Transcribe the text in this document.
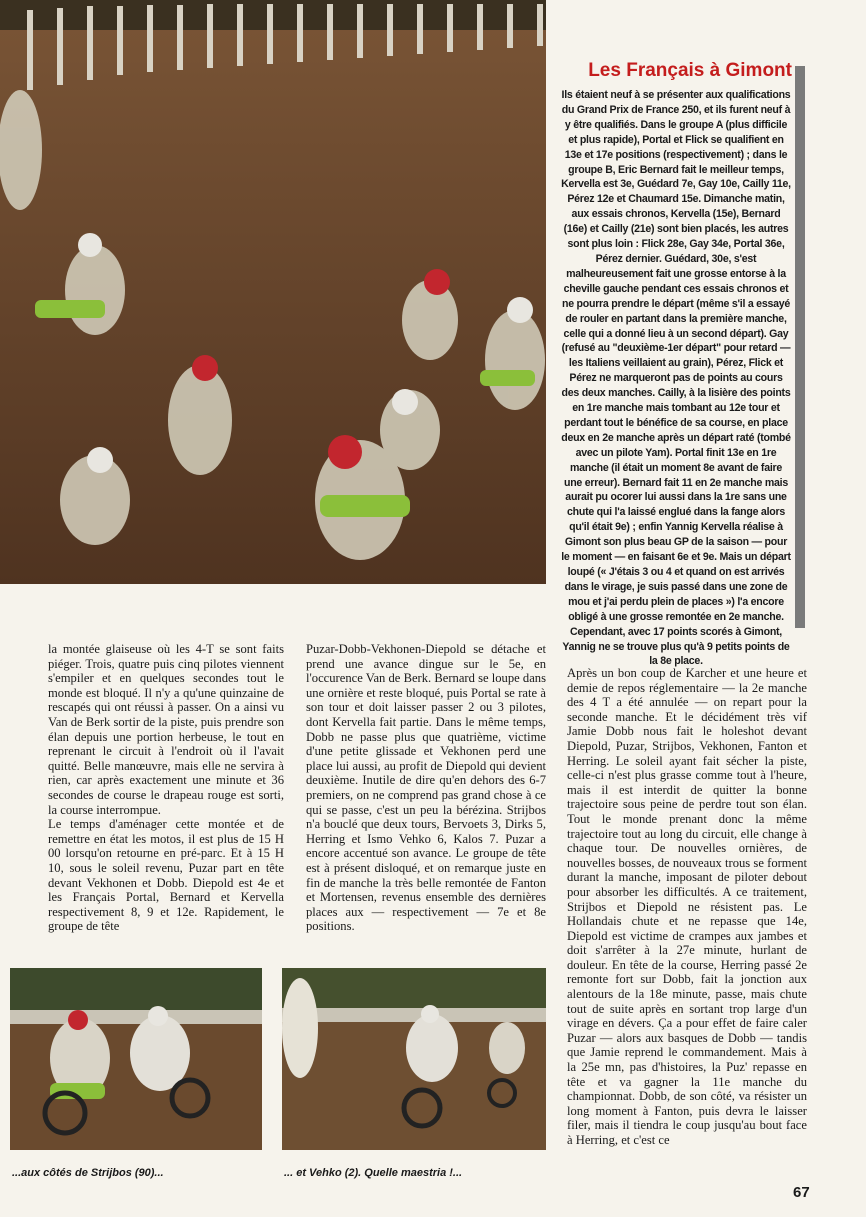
Les Français à Gimont

Ils étaient neuf à se présenter aux qualifications du Grand Prix de France 250, et ils furent neuf à y être qualifiés. Dans le groupe A (plus difficile et plus rapide), Portal et Flick se qualifient en 13e et 17e positions (respectivement) ; dans le groupe B, Eric Bernard fait le meilleur temps, Kervella est 3e, Guédard 7e, Gay 10e, Cailly 11e, Pérez 12e et Chaumard 15e. Dimanche matin, aux essais chronos, Kervella (15e), Bernard (16e) et Cailly (21e) sont bien placés, les autres sont plus loin : Flick 28e, Gay 34e, Portal 36e, Pérez dernier. Guédard, 30e, s'est malheureusement fait une grosse entorse à la cheville gauche pendant ces essais chronos et ne pourra prendre le départ (même s'il a essayé de rouler en partant dans la première manche, celle qui a donné lieu à un second départ). Gay (refusé au "deuxième-1er départ" pour retard — les Italiens veillaient au grain), Pérez, Flick et Pérez ne marqueront pas de points au cours des deux manches. Cailly, à la lisière des points en 1re manche mais tombant au 12e tour et perdant tout le bénéfice de sa course, en place deux en 2e manche après un départ raté (tombé avec un pilote Yam). Portal finit 13e en 1re manche (il était un moment 8e avant de faire une erreur). Bernard fait 11 en 2e manche mais aurait pu ocorer lui aussi dans la 1re sans une chute qui l'a laissé englué dans la fange alors qu'il était 9e) ; enfin Yannig Kervella réalise à Gimont son plus beau GP de la saison — pour le moment — en faisant 6e et 9e. Mais un départ loupé (« J'étais 3 ou 4 et quand on est arrivés dans le virage, je suis passé dans une zone de mou et j'ai perdu plein de places ») l'a encore obligé à une grosse remontée en 2e manche. Cependant, avec 17 points scorés à Gimont, Yannig ne se trouve plus qu'à 9 petits points de la 8e place.

la montée glaiseuse où les 4-T se sont faits piéger. Trois, quatre puis cinq pilotes viennent s'empiler et en quelques secondes tout le monde est bloqué. Il n'y a qu'une quinzaine de rescapés qui ont réussi à passer. On a ainsi vu Van de Berk sortir de la piste, puis prendre son élan depuis une portion herbeuse, le tout en reprenant le circuit à l'endroit où il l'avait quitté. Belle manœuvre, mais elle ne servira à rien, car après exactement une minute et 36 secondes de course le drapeau rouge est sorti, la course interrompue.

Le temps d'aménager cette montée et de remettre en état les motos, il est plus de 15 H 00 lorsqu'on retourne en pré-parc. Et à 15 H 10, sous le soleil revenu, Puzar part en tête devant Vekhonen et Dobb. Diepold est 4e et les Français Portal, Bernard et Kervella respectivement 8, 9 et 12e. Rapidement, le groupe de tête

Puzar-Dobb-Vekhonen-Diepold se détache et prend une avance dingue sur le 5e, en l'occurence Van de Berk. Bernard se loupe dans une ornière et reste bloqué, puis Portal se rate à son tour et doit laisser passer 2 ou 3 pilotes, dont Kervella fait partie. Dans le même temps, Dobb ne passe plus que quatrième, victime d'une petite glissade et Vekhonen perd une place lui aussi, au profit de Diepold qui devient deuxième. Inutile de dire qu'en dehors des 6-7 premiers, on ne comprend pas grand chose à ce qui se passe, c'est un peu la bérézina. Strijbos n'a bouclé que deux tours, Bervoets 3, Dirks 5, Herring et Ismo Vehko 6, Kalos 7. Puzar a encore accentué son avance. Le groupe de tête est à présent disloqué, et on remarque juste en fin de manche la très belle remontée de Fanton et Mortensen, revenus ensemble des dernières places aux — respectivement — 7e et 8e positions.

Après un bon coup de Karcher et une heure et demie de repos réglementaire — la 2e manche des 4 T a été annulée — on repart pour la seconde manche. Et le décidément très vif Jamie Dobb nous fait le holeshot devant Diepold, Puzar, Strijbos, Vekhonen, Fanton et Herring. Le soleil ayant fait sécher la piste, celle-ci n'est plus grasse comme tout à l'heure, mais il est interdit de quitter la bonne trajectoire sous peine de perdre tout son élan. Tout le monde prenant donc la même trajectoire tout au long du circuit, elle change à chaque tour. De nouvelles ornières, de nouvelles bosses, de nouveaux trous se forment durant la manche, imposant de piloter debout pour absorber les difficultés. A ce traitement, Strijbos et Diepold ne résistent pas. Le Hollandais chute et ne repasse que 14e, Diepold est victime de crampes aux jambes et doit s'arrêter à la 27e minute, hurlant de douleur. En tête de la course, Herring passé 2e remonte fort sur Dobb, fait la jonction aux alentours de la 18e minute, passe, mais chute tout de suite après en sortant trop large d'un virage en dévers. Ça a pour effet de faire caler Puzar — alors aux basques de Dobb — tandis que Jamie reprend le commandement. Mais à la 25e mn, pas d'histoires, la Puz' repasse en tête et va gagner la 11e manche du championnat. Dobb, de son côté, va résister un long moment à Fanton, puis devra le laisser filer, mais il tiendra le coup jusqu'au bout face à Herring, et c'est ce

...aux côtés de Strijbos (90)...	... et Vehko (2). Quelle maestria !...
67
